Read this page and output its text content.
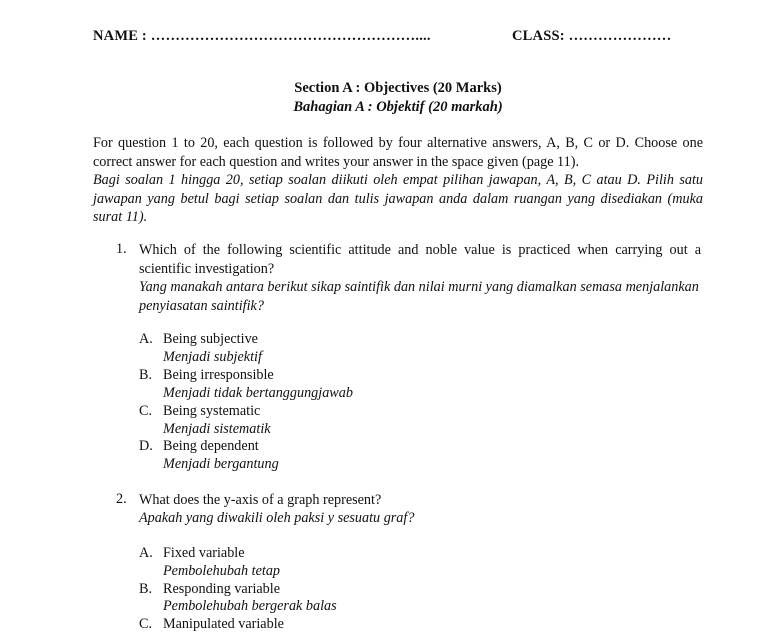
NAME : ………………………………………………....	CLASS: …………………
Section A : Objectives (20 Marks)
Bahagian A : Objektif (20 markah)
For question 1 to 20, each question is followed by four alternative answers, A, B, C or D. Choose one correct answer for each question and writes your answer in the space given (page 11).
Bagi soalan 1 hingga 20, setiap soalan diikuti oleh empat pilihan jawapan, A, B, C atau D. Pilih satu jawapan yang betul bagi setiap soalan dan tulis jawapan anda dalam ruangan yang disediakan (muka surat 11).
1. Which of the following scientific attitude and noble value is practiced when carrying out a scientific investigation?
Yang manakah antara berikut sikap saintifik dan nilai murni yang diamalkan semasa menjalankan penyiasatan saintifik?
A. Being subjective
Menjadi subjektif
B. Being irresponsible
Menjadi tidak bertanggungjawab
C. Being systematic
Menjadi sistematik
D. Being dependent
Menjadi bergantung
2. What does the y-axis of a graph represent?
Apakah yang diwakili oleh paksi y sesuatu graf?
A. Fixed variable
Pembolehubah tetap
B. Responding variable
Pembolehubah bergerak balas
C. Manipulated variable
